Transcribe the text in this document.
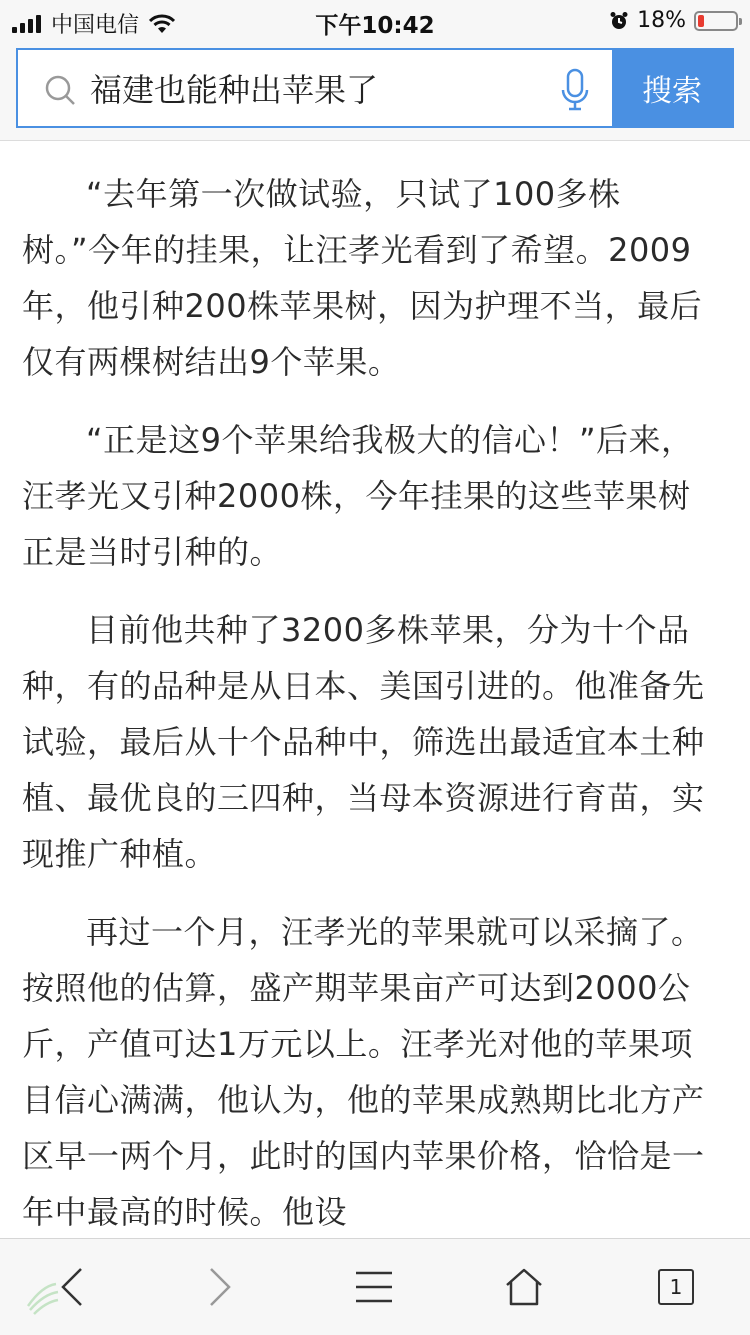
中国电信	下午10:42	18%
福建也能种出苹果了
搜索

“去年第一次做试验，只试了100多株树。”今年的挂果，让汪孝光看到了希望。2009年，他引种200株苹果树，因为护理不当，最后仅有两棵树结出9个苹果。

“正是这9个苹果给我极大的信心！”后来，汪孝光又引种2000株，今年挂果的这些苹果树正是当时引种的。

目前他共种了3200多株苹果，分为十个品种，有的品种是从日本、美国引进的。他准备先试验，最后从十个品种中，筛选出最适宜本土种植、最优良的三四种，当母本资源进行育苗，实现推广种植。

再过一个月，汪孝光的苹果就可以采摘了。按照他的估算，盛产期苹果亩产可达到2000公斤，产值可达1万元以上。汪孝光对他的苹果项目信心满满，他认为，他的苹果成熟期比北方产区早一两个月，此时的国内苹果价格，恰恰是一年中最高的时候。他设

1
